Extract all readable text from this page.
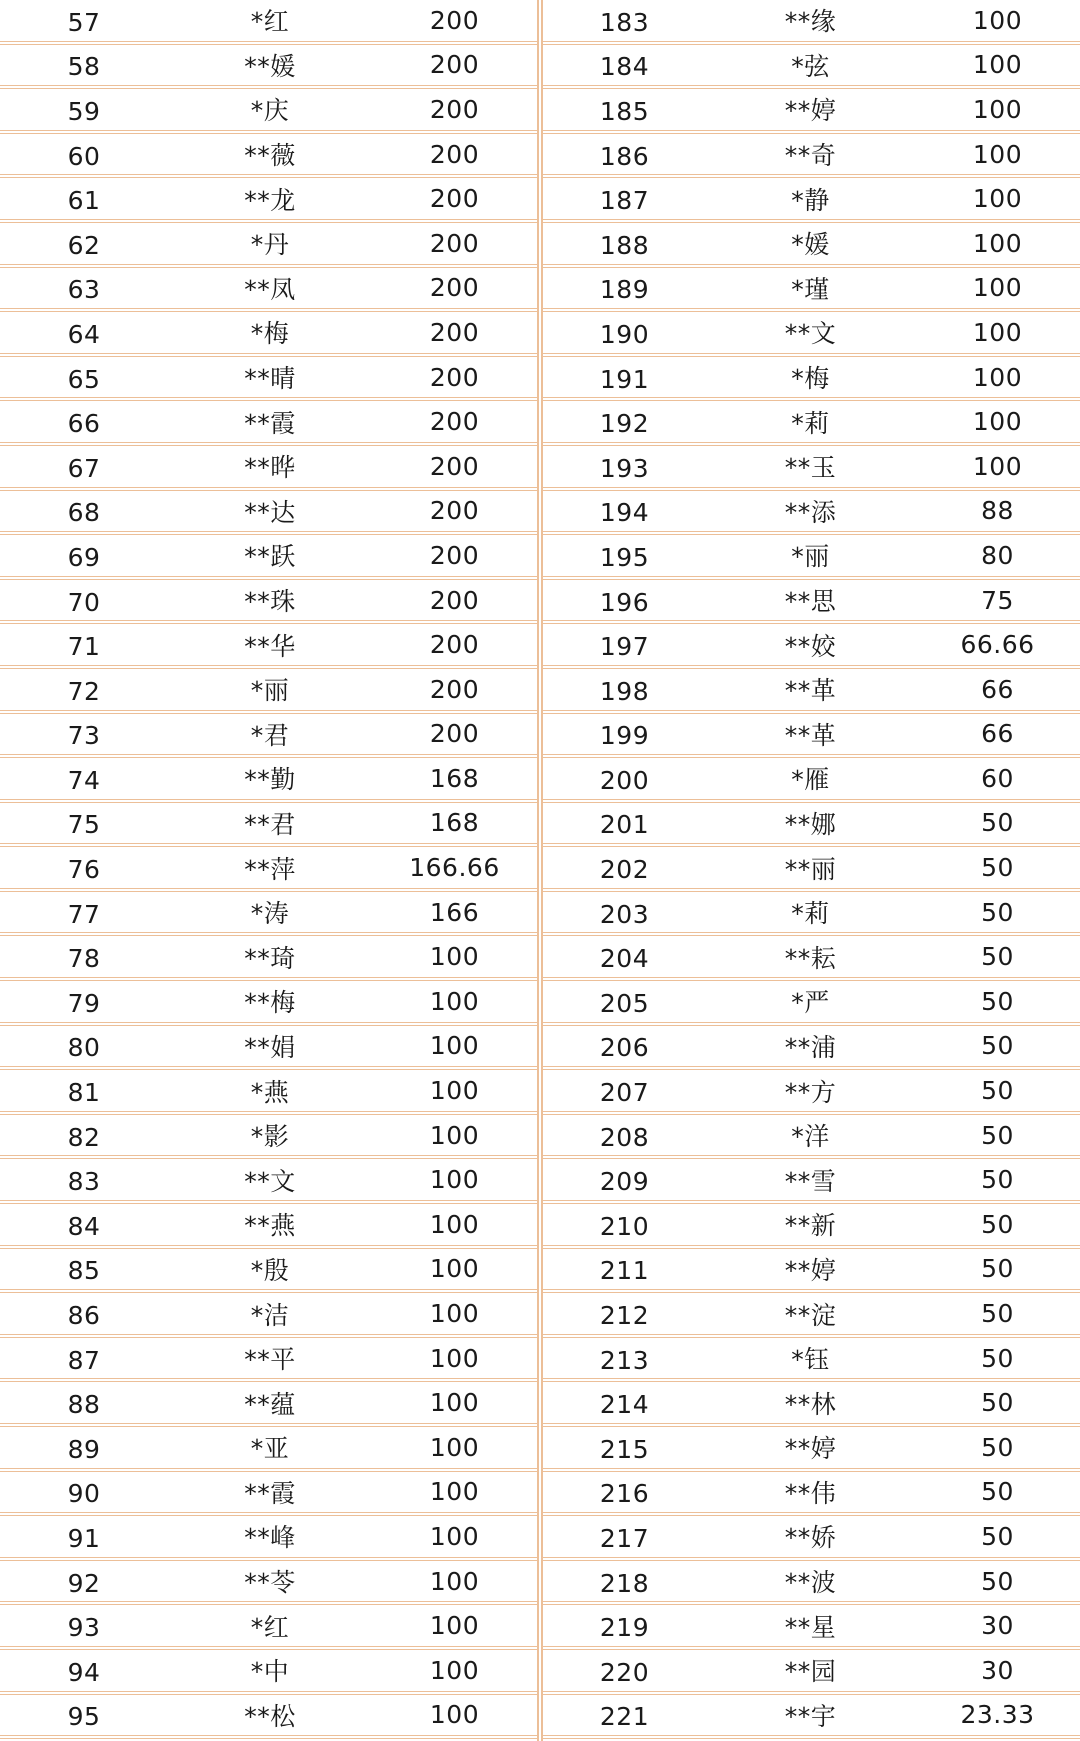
57	*红	200
58	**媛	200
59	*庆	200
60	**薇	200
61	**龙	200
62	*丹	200
63	**凤	200
64	*梅	200
65	**晴	200
66	**霞	200
67	**晔	200
68	**达	200
69	**跃	200
70	**珠	200
71	**华	200
72	*丽	200
73	*君	200
74	**勤	168
75	**君	168
76	**萍	166.66
77	*涛	166
78	**琦	100
79	**梅	100
80	**娟	100
81	*燕	100
82	*影	100
83	**文	100
84	**燕	100
85	*殷	100
86	*洁	100
87	**平	100
88	**蕴	100
89	*亚	100
90	**霞	100
91	**峰	100
92	**苓	100
93	*红	100
94	*中	100
95	**松	100
183	**缘	100
184	*弦	100
185	**婷	100
186	**奇	100
187	*静	100
188	*媛	100
189	*瑾	100
190	**文	100
191	*梅	100
192	*莉	100
193	**玉	100
194	**添	88
195	*丽	80
196	**思	75
197	**姣	66.66
198	**革	66
199	**革	66
200	*雁	60
201	**娜	50
202	**丽	50
203	*莉	50
204	**耘	50
205	*严	50
206	**浦	50
207	**方	50
208	*洋	50
209	**雪	50
210	**新	50
211	**婷	50
212	**淀	50
213	*钰	50
214	**林	50
215	**婷	50
216	**伟	50
217	**娇	50
218	**波	50
219	**星	30
220	**园	30
221	**宇	23.33
